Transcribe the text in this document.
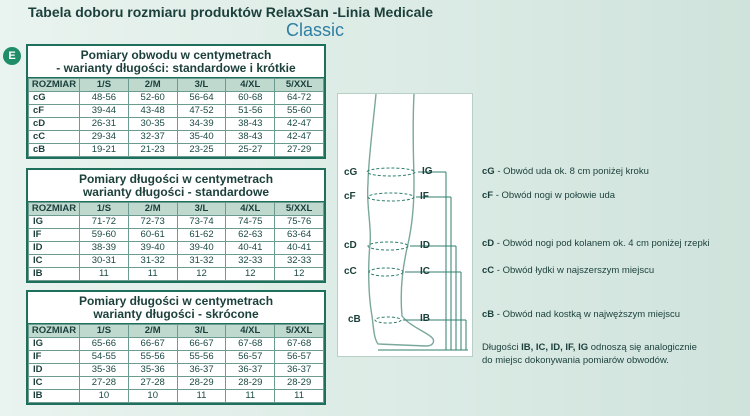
Tabela doboru rozmiaru produktów RelaxSan -Linia Medicale
Classic
E	Pomiary obwodu w centymetrach
- warianty długości: standardowe i krótkie
ROZMIAR	1/S	2/M	3/L	4/XL	5/XXL
cG	48-56	52-60	56-64	60-68	64-72
cF	39-44	43-48	47-52	51-56	55-60
cD	26-31	30-35	34-39	38-43	42-47
cC	29-34	32-37	35-40	38-43	42-47
cB	19-21	21-23	23-25	25-27	27-29
Pomiary długości w centymetrach
warianty długości - standardowe
ROZMIAR	1/S	2/M	3/L	4/XL	5/XXL
IG	71-72	72-73	73-74	74-75	75-76
IF	59-60	60-61	61-62	62-63	63-64
ID	38-39	39-40	39-40	40-41	40-41
IC	30-31	31-32	31-32	32-33	32-33
IB	11	11	12	12	12
Pomiary długości w centymetrach
warianty długości - skrócone
ROZMIAR	1/S	2/M	3/L	4/XL	5/XXL
IG	65-66	66-67	66-67	67-68	67-68
IF	54-55	55-56	55-56	56-57	56-57
ID	35-36	35-36	36-37	36-37	36-37
IC	27-28	27-28	28-29	28-29	28-29
IB	10	10	11	11	11
cG
cF
cD
cC
cB
IG
IF
ID
IC
IB
cG - Obwód uda ok. 8 cm poniżej kroku
cF - Obwód nogi w połowie uda
cD - Obwód nogi pod kolanem ok. 4 cm poniżej rzepki
cC - Obwód łydki w najszerszym miejscu
cB - Obwód nad kostką w najwęższym miejscu
Długości IB, IC, ID, IF, IG odnoszą się analogicznie
do miejsc dokonywania pomiarów obwodów.
